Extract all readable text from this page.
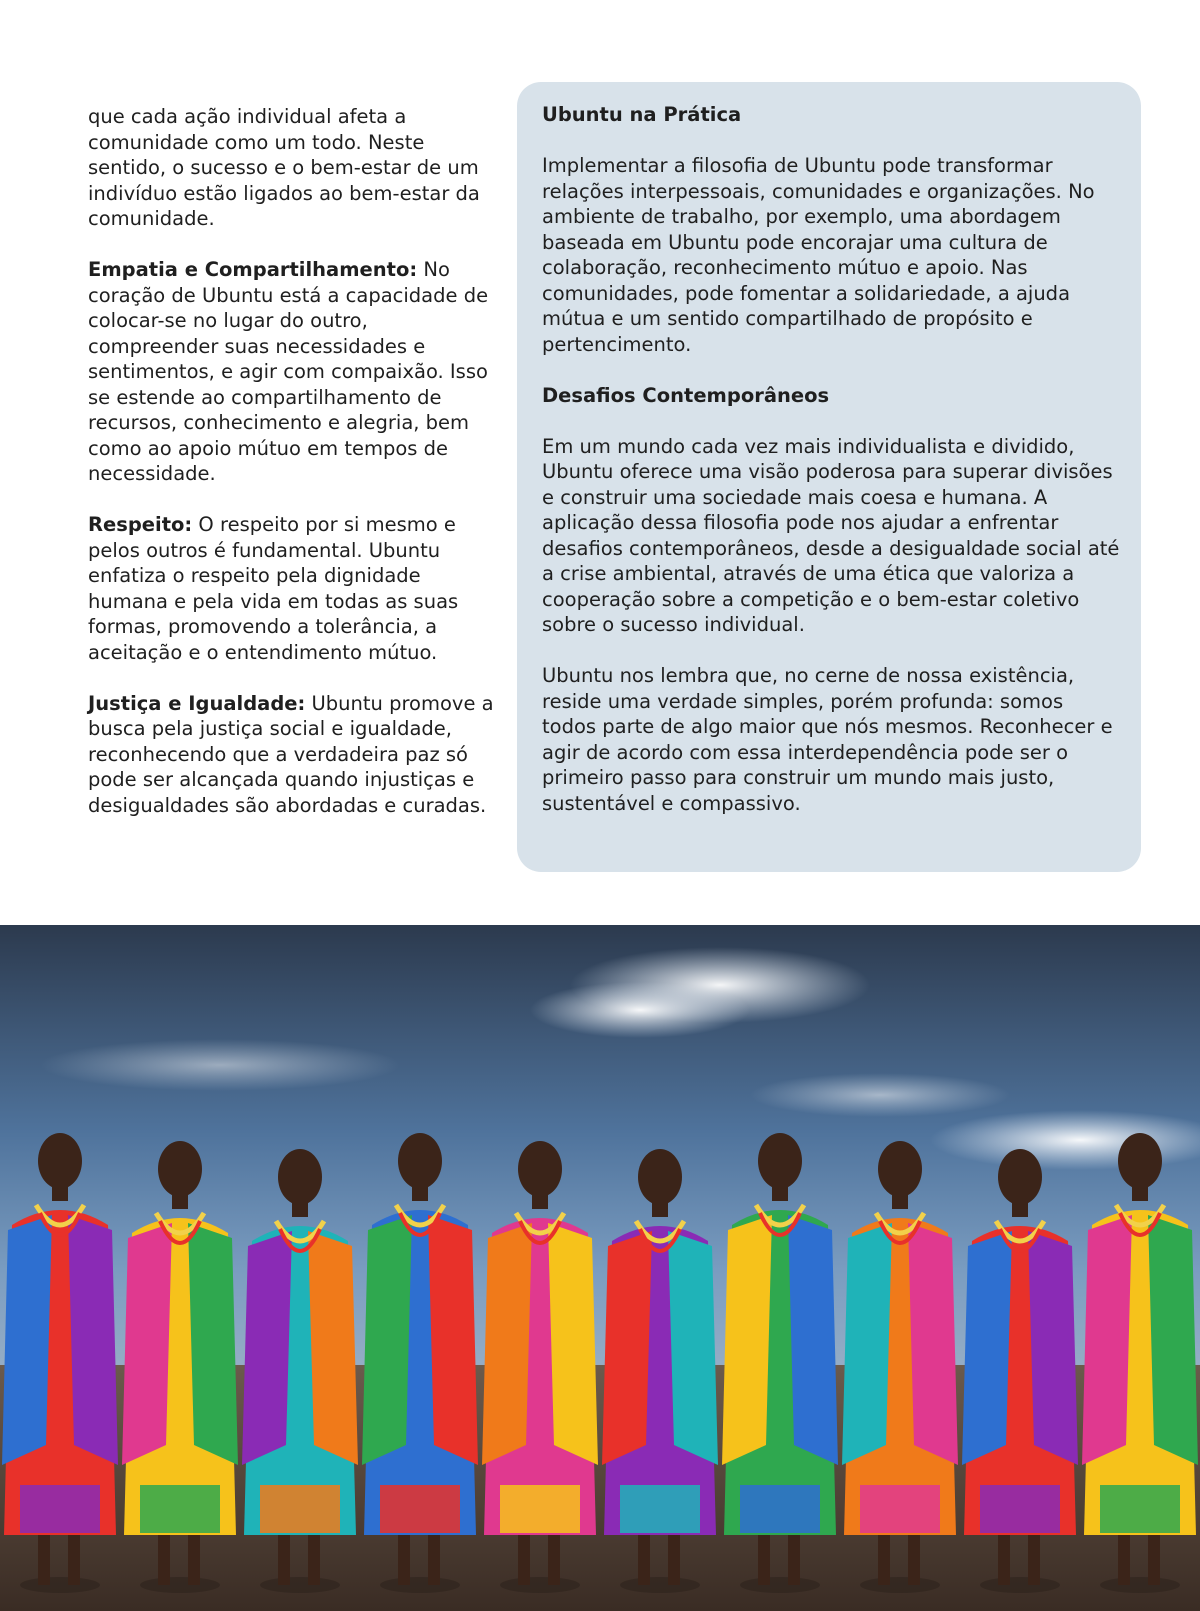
que cada ação individual afeta a comunidade como um todo. Neste sentido, o sucesso e o bem-estar de um indivíduo estão ligados ao bem-estar da comunidade.

Empatia e Compartilhamento: No coração de Ubuntu está a capacidade de colocar-se no lugar do outro, compreender suas necessidades e sentimentos, e agir com compaixão. Isso se estende ao compartilhamento de recursos, conhecimento e alegria, bem como ao apoio mútuo em tempos de necessidade.

Respeito: O respeito por si mesmo e pelos outros é fundamental. Ubuntu enfatiza o respeito pela dignidade humana e pela vida em todas as suas formas, promovendo a tolerância, a aceitação e o entendimento mútuo.

Justiça e Igualdade: Ubuntu promove a busca pela justiça social e igualdade, reconhecendo que a verdadeira paz só pode ser alcançada quando injustiças e desigualdades são abordadas e curadas.

Ubuntu na Prática

Implementar a filosofia de Ubuntu pode transformar relações interpessoais, comunidades e organizações. No ambiente de trabalho, por exemplo, uma abordagem baseada em Ubuntu pode encorajar uma cultura de colaboração, reconhecimento mútuo e apoio. Nas comunidades, pode fomentar a solidariedade, a ajuda mútua e um sentido compartilhado de propósito e pertencimento.

Desafios Contemporâneos

Em um mundo cada vez mais individualista e dividido, Ubuntu oferece uma visão poderosa para superar divisões e construir uma sociedade mais coesa e humana. A aplicação dessa filosofia pode nos ajudar a enfrentar desafios contemporâneos, desde a desigualdade social até a crise ambiental, através de uma ética que valoriza a cooperação sobre a competição e o bem-estar coletivo sobre o sucesso individual.

Ubuntu nos lembra que, no cerne de nossa existência, reside uma verdade simples, porém profunda: somos todos parte de algo maior que nós mesmos. Reconhecer e agir de acordo com essa interdependência pode ser o primeiro passo para construir um mundo mais justo, sustentável e compassivo.
